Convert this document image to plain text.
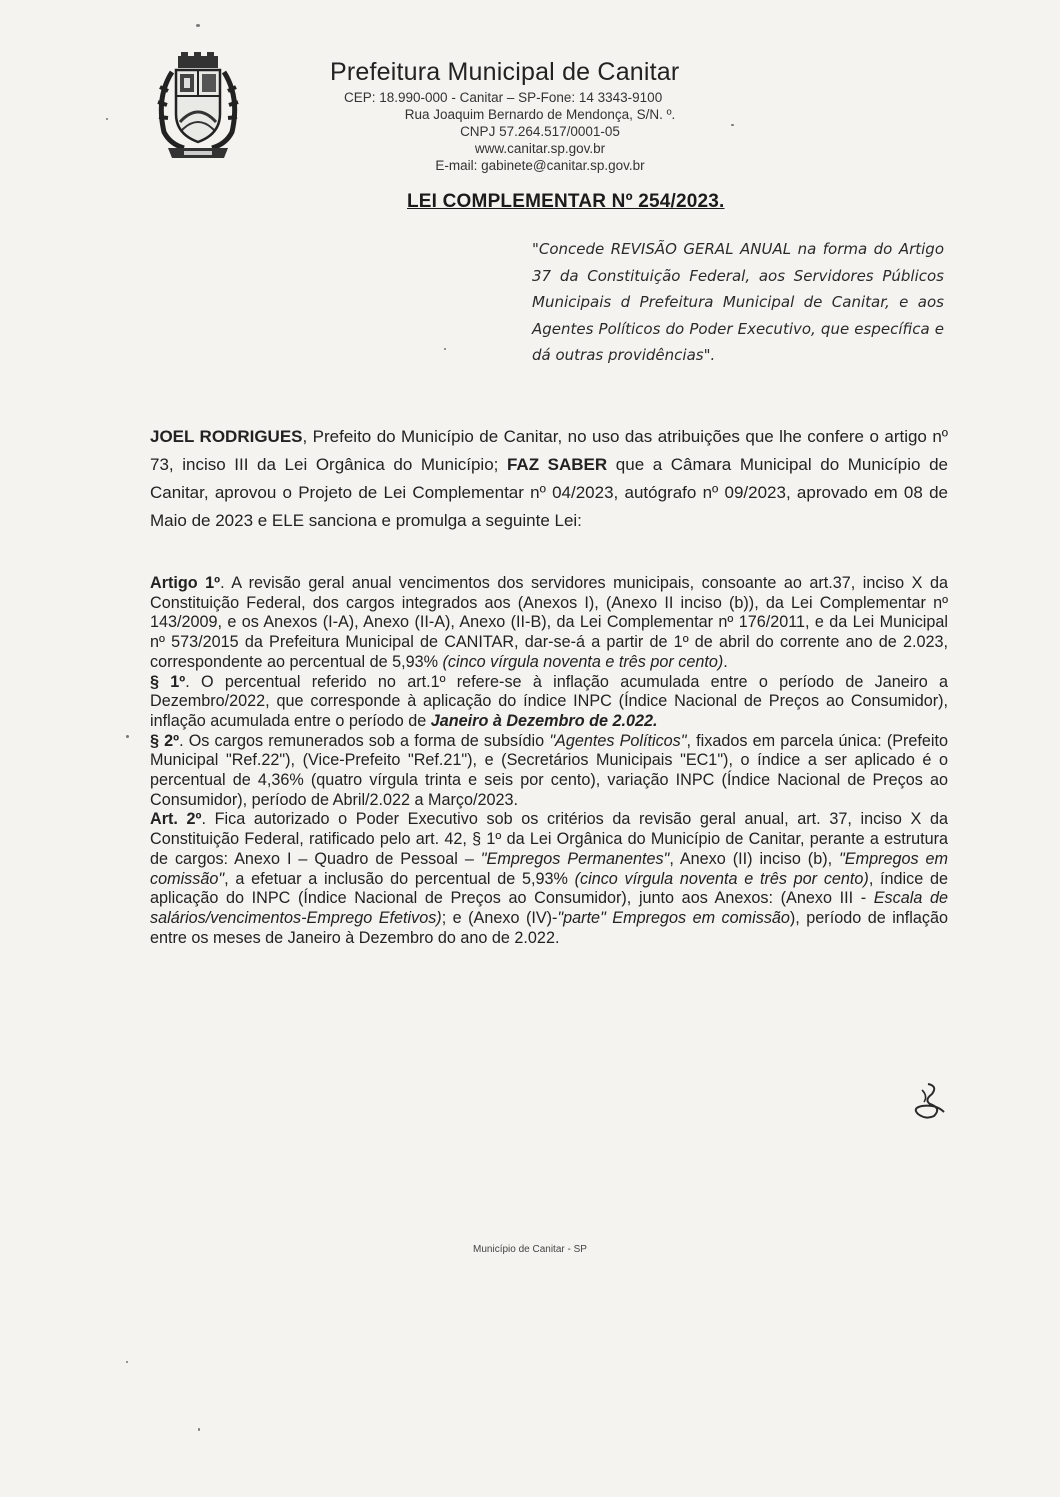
Prefeitura Municipal de Canitar
CEP: 18.990-000 - Canitar – SP-Fone: 14 3343-9100
Rua Joaquim Bernardo de Mendonça, S/N. º.
CNPJ 57.264.517/0001-05
www.canitar.sp.gov.br
E-mail: gabinete@canitar.sp.gov.br
LEI COMPLEMENTAR Nº 254/2023.

"Concede REVISÃO GERAL ANUAL na forma do Artigo 37 da Constituição Federal, aos Servidores Públicos Municipais d Prefeitura Municipal de Canitar, e aos Agentes Políticos do Poder Executivo, que específica e dá outras providências".

JOEL RODRIGUES, Prefeito do Município de Canitar, no uso das atribuições que lhe confere o artigo nº 73, inciso III da Lei Orgânica do Município; FAZ SABER que a Câmara Municipal do Município de Canitar, aprovou o Projeto de Lei Complementar nº 04/2023, autógrafo nº 09/2023, aprovado em 08 de Maio de 2023 e ELE sanciona e promulga a seguinte Lei:

Artigo 1º. A revisão geral anual vencimentos dos servidores municipais, consoante ao art.37, inciso X da Constituição Federal, dos cargos integrados aos (Anexos I), (Anexo II inciso (b)), da Lei Complementar nº 143/2009, e os Anexos (I-A), Anexo (II-A), Anexo (II-B), da Lei Complementar nº 176/2011, e da Lei Municipal nº 573/2015 da Prefeitura Municipal de CANITAR, dar-se-á a partir de 1º de abril do corrente ano de 2.023, correspondente ao percentual de 5,93% (cinco vírgula noventa e três por cento).

§ 1º. O percentual referido no art.1º refere-se à inflação acumulada entre o período de Janeiro a Dezembro/2022, que corresponde à aplicação do índice INPC (Índice Nacional de Preços ao Consumidor), inflação acumulada entre o período de Janeiro à Dezembro de 2.022.

§ 2º. Os cargos remunerados sob a forma de subsídio "Agentes Políticos", fixados em parcela única: (Prefeito Municipal "Ref.22"), (Vice-Prefeito "Ref.21"), e (Secretários Municipais "EC1"), o índice a ser aplicado é o percentual de 4,36% (quatro vírgula trinta e seis por cento), variação INPC (Índice Nacional de Preços ao Consumidor), período de Abril/2.022 a Março/2023.

Art. 2º. Fica autorizado o Poder Executivo sob os critérios da revisão geral anual, art. 37, inciso X da Constituição Federal, ratificado pelo art. 42, § 1º da Lei Orgânica do Município de Canitar, perante a estrutura de cargos: Anexo I – Quadro de Pessoal – "Empregos Permanentes", Anexo (II) inciso (b), "Empregos em comissão", a efetuar a inclusão do percentual de 5,93% (cinco vírgula noventa e três por cento), índice de aplicação do INPC (Índice Nacional de Preços ao Consumidor), junto aos Anexos: (Anexo III - Escala de salários/vencimentos-Emprego Efetivos); e (Anexo (IV)-"parte" Empregos em comissão), período de inflação entre os meses de Janeiro à Dezembro do ano de 2.022.

Município de Canitar - SP
